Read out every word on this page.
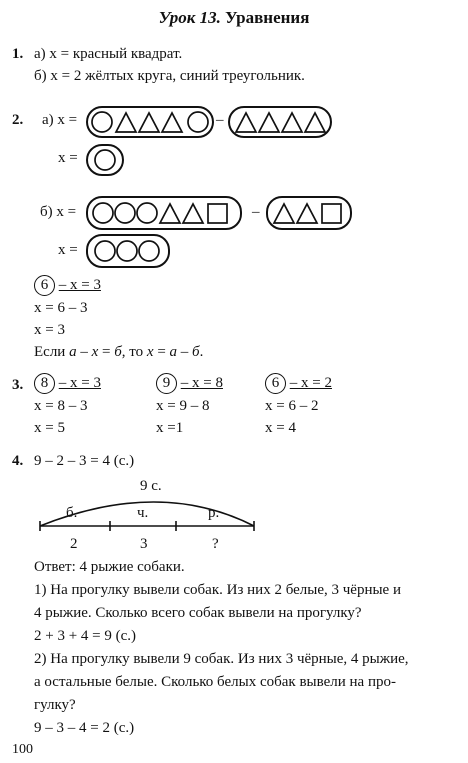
Урок 13. Уравнения
1. а) x = красный квадрат.
б) x = 2 жёлтых круга, синий треугольник.
2. а) x =	–
x =
б) x =	–
x =
6 – x = 3
x = 6 – 3
x = 3
Если а – x = б, то x = а – б.
3.	8 – x = 3
x = 8 – 3
x = 5
9 – x = 8
x = 9 – 8
x =1
6 – x = 2
x = 6 – 2
x = 4
4. 9 – 2 – 3 = 4 (с.)
9 с.
б.	ч.	р.
2	3	?
Ответ: 4 рыжие собаки.
1) На прогулку вывели собак. Из них 2 белые, 3 чёрные и
4 рыжие. Сколько всего собак вывели на прогулку?
2 + 3 + 4 = 9 (с.)
2) На прогулку вывели 9 собак. Из них 3 чёрные, 4 рыжие,
а остальные белые. Сколько белых собак вывели на про-
гулку?
9 – 3 – 4 = 2 (с.)
100
